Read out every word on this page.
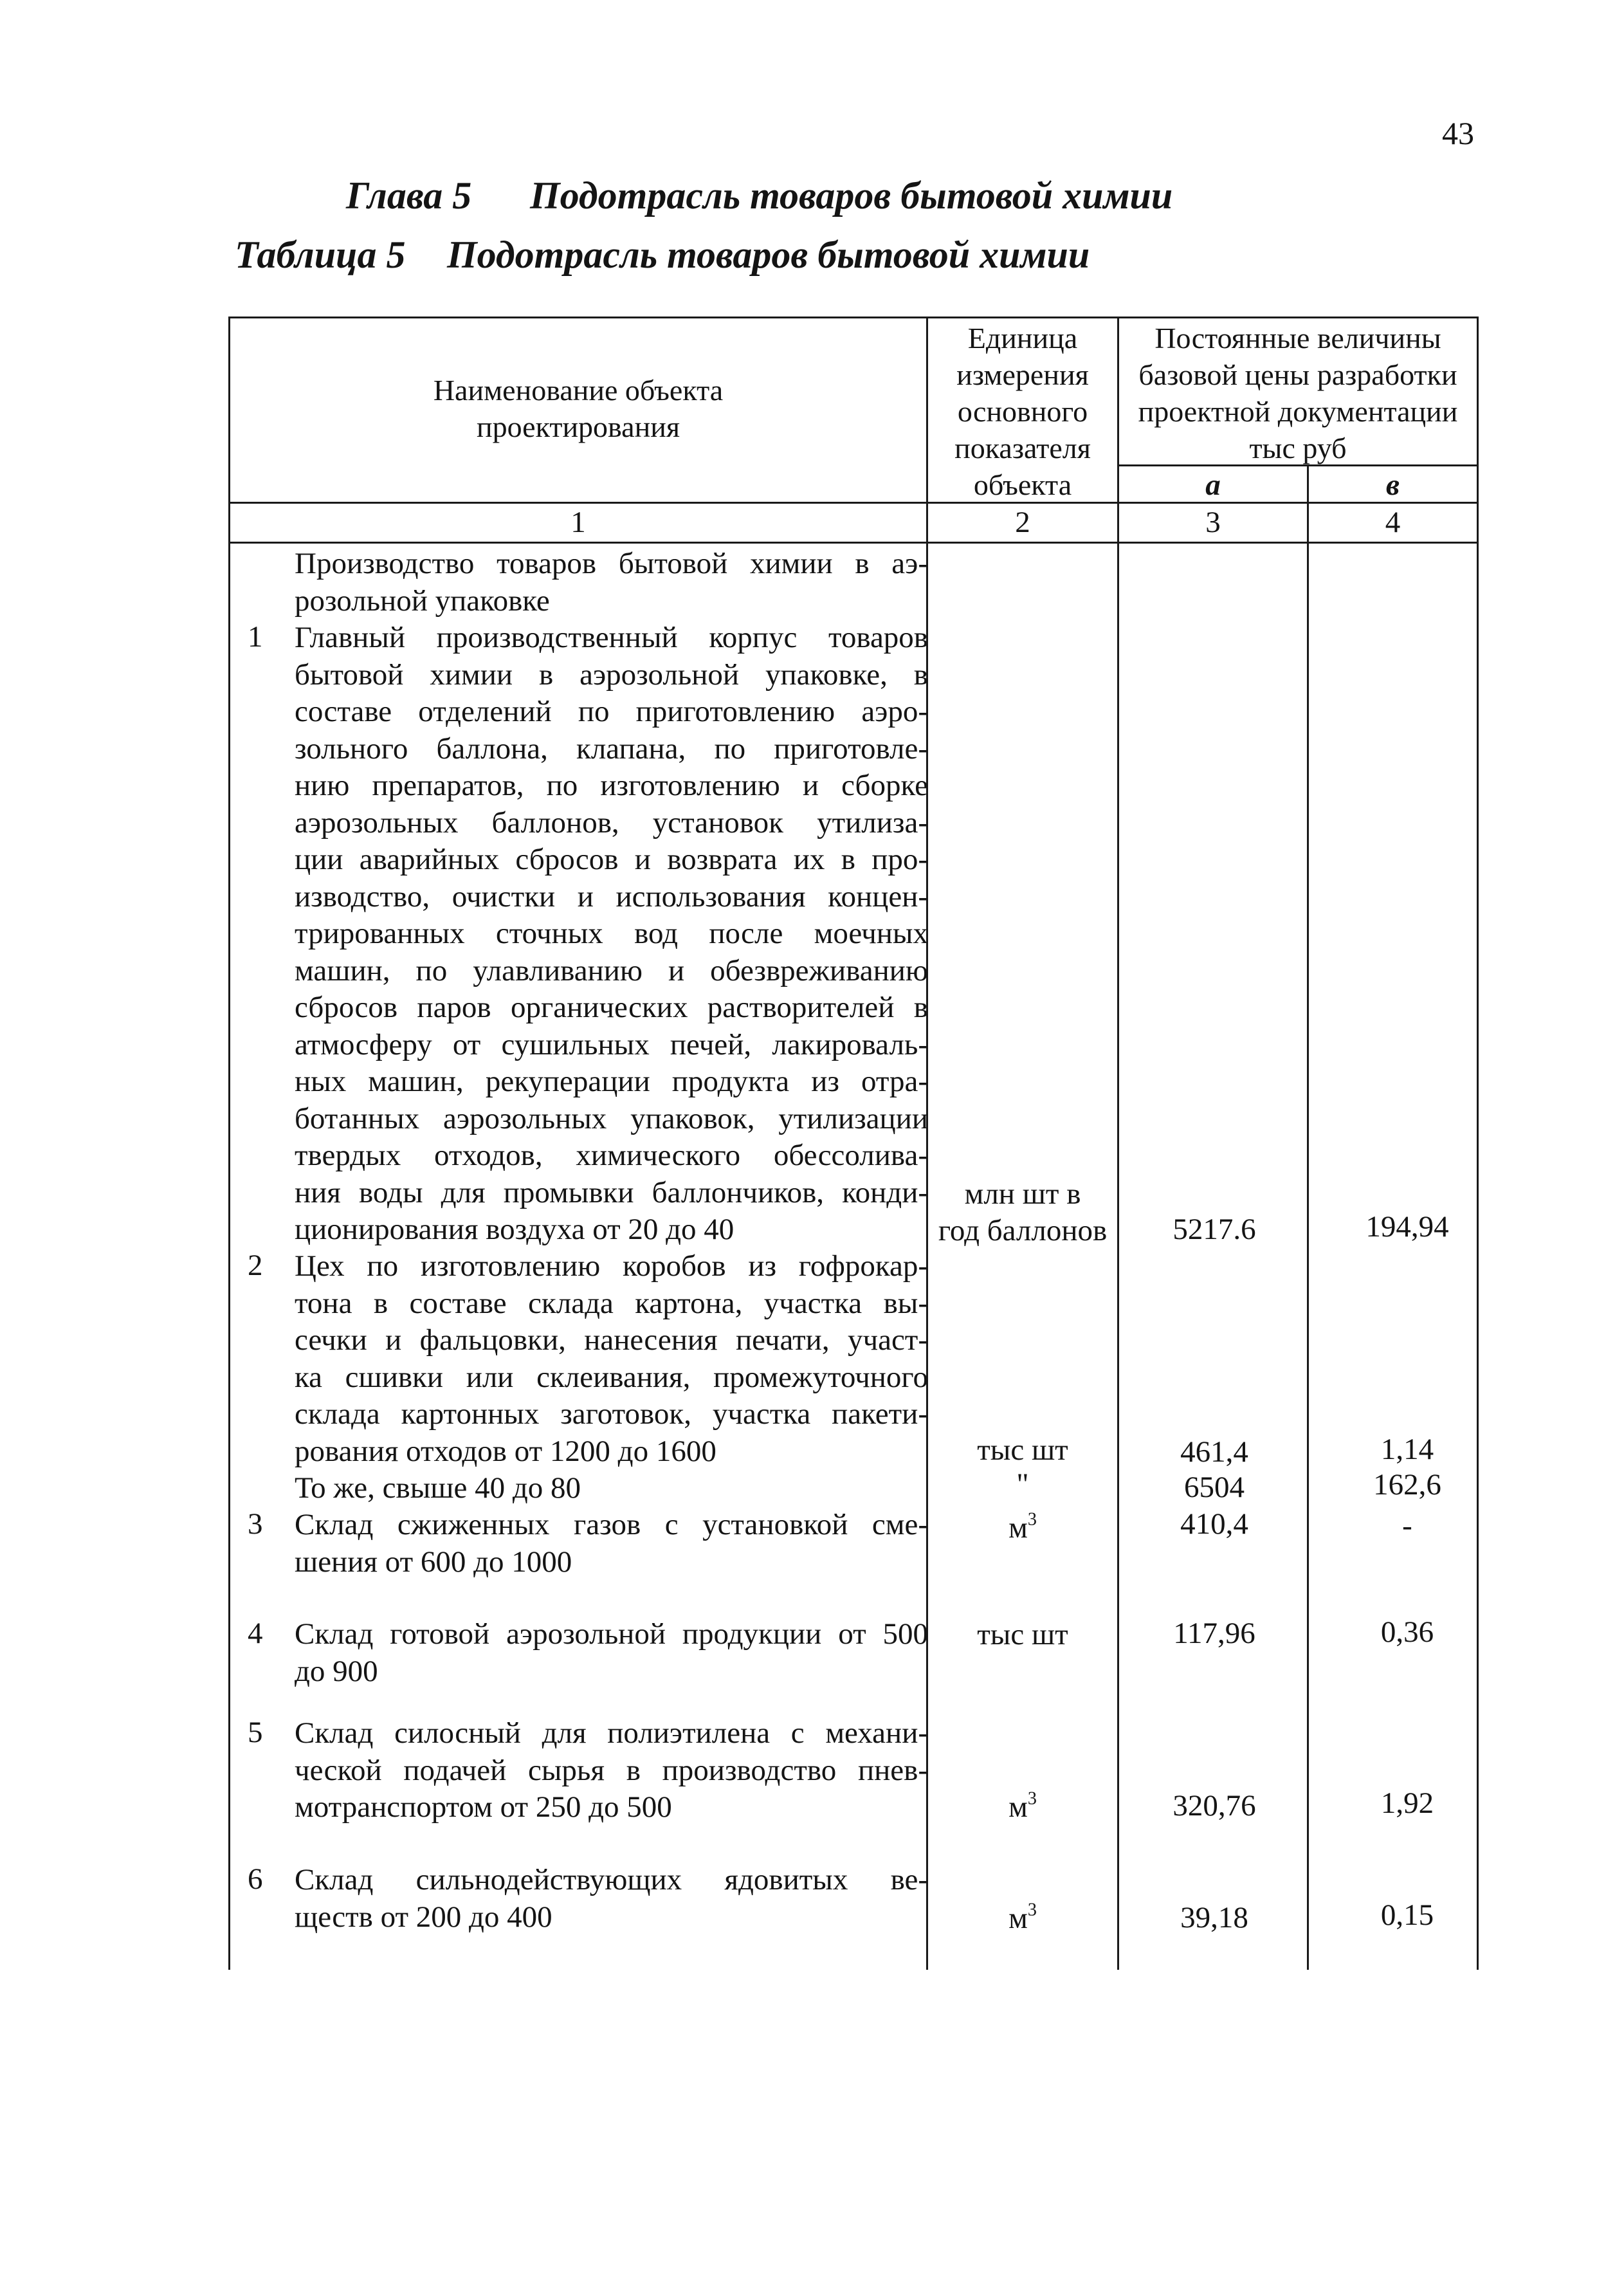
43
Глава 5 Подотрасль товаров бытовой химии
Таблица 5 Подотрасль товаров бытовой химии
Наименование объекта
проектирования
Единица
измерения
основного
показателя
объекта
Постоянные величины
базовой цены разработки
проектной документации
тыс руб
а	в
1	2	3	4
Производство товаров бытовой химии в аэ-
розольной упаковке
1 Главный производственный корпус товаров
бытовой химии в аэрозольной упаковке, в
составе отделений по приготовлению аэро-
зольного баллона, клапана, по приготовле-
нию препаратов, по изготовлению и сборке
аэрозольных баллонов, установок утилиза-
ции аварийных сбросов и возврата их в про-
изводство, очистки и использования концен-
трированных сточных вод после моечных
машин, по улавливанию и обезвреживанию
сбросов паров органических растворителей в
атмосферу от сушильных печей, лакироваль-
ных машин, рекуперации продукта из отра-
ботанных аэрозольных упаковок, утилизации
твердых отходов, химического обессолива-
ния воды для промывки баллончиков, конди-
ционирования воздуха от 20 до 40
млн шт в
год баллонов	5217.6	194,94
2 Цех по изготовлению коробов из гофрокар-
тона в составе склада картона, участка вы-
сечки и фальцовки, нанесения печати, участ-
ка сшивки или склеивания, промежуточного
склада картонных заготовок, участка пакети-
рования отходов от 1200 до 1600	тыс шт	461,4	1,14
То же, свыше 40 до 80	"	6504	162,6
3 Склад сжиженных газов с установкой сме-
шения от 600 до 1000
$м^3$	410,4	-
4 Склад готовой аэрозольной продукции от 500
до 900
тыс шт	117,96	0,36
5 Склад силосный для полиэтилена с механи-
ческой подачей сырья в производство пнев-
мотранспортом от 250 до 500	$м^3$	320,76	1,92
6 Склад сильнодействующих ядовитых ве-
ществ от 200 до 400	$м^3$	39,18	0,15
